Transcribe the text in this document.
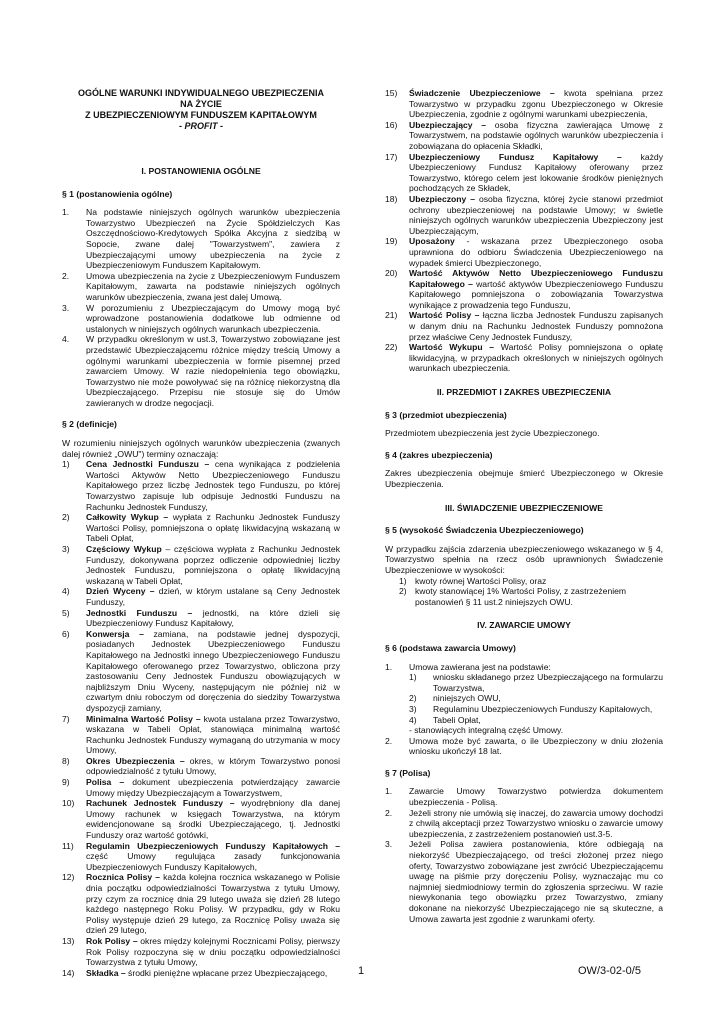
OGÓLNE WARUNKI INDYWIDUALNEGO UBEZPIECZENIA

NA ŻYCIE

Z UBEZPIECZENIOWYM FUNDUSZEM KAPITAŁOWYM

- PROFIT -

I. POSTANOWIENIA OGÓLNE
§ 1 (postanowienia ogólne)
1.	Na podstawie niniejszych ogólnych warunków ubezpieczenia Towarzystwo Ubezpieczeń na Życie Spółdzielczych Kas Oszczędnościowo-Kredytowych Spółka Akcyjna z siedzibą w Sopocie, zwane dalej "Towarzystwem", zawiera z Ubezpieczającymi umowy ubezpieczenia na życie z Ubezpieczeniowym Funduszem Kapitałowym.
2.	Umowa ubezpieczenia na życie z Ubezpieczeniowym Funduszem Kapitałowym, zawarta na podstawie niniejszych ogólnych warunków ubezpieczenia, zwana jest dalej Umową.
3.	W porozumieniu z Ubezpieczającym do Umowy mogą być wprowadzone postanowienia dodatkowe lub odmienne od ustalonych w niniejszych ogólnych warunkach ubezpieczenia.
4.	W przypadku określonym w ust.3, Towarzystwo zobowiązane jest przedstawić Ubezpieczającemu różnice między treścią Umowy a ogólnymi warunkami ubezpieczenia w formie pisemnej przed zawarciem Umowy. W razie niedopełnienia tego obowiązku, Towarzystwo nie może powoływać się na różnicę niekorzystną dla Ubezpieczającego. Przepisu nie stosuje się do Umów zawieranych w drodze negocjacji.
§ 2 (definicje)

W rozumieniu niniejszych ogólnych warunków ubezpieczenia (zwanych dalej również „OWU") terminy oznaczają:

1)	Cena Jednostki Funduszu – cena wynikająca z podzielenia Wartości Aktywów Netto Ubezpieczeniowego Funduszu Kapitałowego przez liczbę Jednostek tego Funduszu, po której Towarzystwo zapisuje lub odpisuje Jednostki Funduszu na Rachunku Jednostek Funduszy,
2)	Całkowity Wykup – wypłata z Rachunku Jednostek Funduszy Wartości Polisy, pomniejszona o opłatę likwidacyjną wskazaną w Tabeli Opłat,
3)	Częściowy Wykup – częściowa wypłata z Rachunku Jednostek Funduszy, dokonywana poprzez odliczenie odpowiedniej liczby Jednostek Funduszu, pomniejszona o opłatę likwidacyjną wskazaną w Tabeli Opłat,
4)	Dzień Wyceny – dzień, w którym ustalane są Ceny Jednostek Funduszy,
5)	Jednostki Funduszu – jednostki, na które dzieli się Ubezpieczeniowy Fundusz Kapitałowy,
6)	Konwersja – zamiana, na podstawie jednej dyspozycji, posiadanych Jednostek Ubezpieczeniowego Funduszu Kapitałowego na Jednostki innego Ubezpieczeniowego Funduszu Kapitałowego oferowanego przez Towarzystwo, obliczona przy zastosowaniu Ceny Jednostek Funduszu obowiązujących w najbliższym Dniu Wyceny, następującym nie później niż w czwartym dniu roboczym od doręczenia do siedziby Towarzystwa dyspozycji zamiany,
7)	Minimalna Wartość Polisy – kwota ustalana przez Towarzystwo, wskazana w Tabeli Opłat, stanowiąca minimalną wartość Rachunku Jednostek Funduszy wymaganą do utrzymania w mocy Umowy,
8)	Okres Ubezpieczenia – okres, w którym Towarzystwo ponosi odpowiedzialność z tytułu Umowy,
9)	Polisa – dokument ubezpieczenia potwierdzający zawarcie Umowy między Ubezpieczającym a Towarzystwem,
10)	Rachunek Jednostek Funduszy – wyodrębniony dla danej Umowy rachunek w księgach Towarzystwa, na którym ewidencjonowane są środki Ubezpieczającego, tj. Jednostki Funduszy oraz wartość gotówki,
11)	Regulamin Ubezpieczeniowych Funduszy Kapitałowych – część Umowy regulująca zasady funkcjonowania Ubezpieczeniowych Funduszy Kapitałowych,
12)	Rocznica Polisy – każda kolejna rocznica wskazanego w Polisie dnia początku odpowiedzialności Towarzystwa z tytułu Umowy, przy czym za rocznicę dnia 29 lutego uważa się dzień 28 lutego każdego następnego Roku Polisy. W przypadku, gdy w Roku Polisy występuje dzień 29 lutego, za Rocznicę Polisy uważa się dzień 29 lutego,
13)	Rok Polisy – okres między kolejnymi Rocznicami Polisy, pierwszy Rok Polisy rozpoczyna się w dniu początku odpowiedzialności Towarzystwa z tytułu Umowy,
14)	Składka – środki pieniężne wpłacane przez Ubezpieczającego,
15)	Świadczenie Ubezpieczeniowe – kwota spełniana przez Towarzystwo w przypadku zgonu Ubezpieczonego w Okresie Ubezpieczenia, zgodnie z ogólnymi warunkami ubezpieczenia,
16)	Ubezpieczający – osoba fizyczna zawierająca Umowę z Towarzystwem, na podstawie ogólnych warunków ubezpieczenia i zobowiązana do opłacenia Składki,
17)	Ubezpieczeniowy Fundusz Kapitałowy – każdy Ubezpieczeniowy Fundusz Kapitałowy oferowany przez Towarzystwo, którego celem jest lokowanie środków pieniężnych pochodzących ze Składek,
18)	Ubezpieczony – osoba fizyczna, której życie stanowi przedmiot ochrony ubezpieczeniowej na podstawie Umowy; w świetle niniejszych ogólnych warunków ubezpieczenia Ubezpieczony jest Ubezpieczającym,
19)	Uposażony - wskazana przez Ubezpieczonego osoba uprawniona do odbioru Świadczenia Ubezpieczeniowego na wypadek śmierci Ubezpieczonego,
20)	Wartość Aktywów Netto Ubezpieczeniowego Funduszu Kapitałowego – wartość aktywów Ubezpieczeniowego Funduszu Kapitałowego pomniejszona o zobowiązania Towarzystwa wynikające z prowadzenia tego Funduszu,
21)	Wartość Polisy – łączna liczba Jednostek Funduszu zapisanych w danym dniu na Rachunku Jednostek Funduszy pomnożona przez właściwe Ceny Jednostek Funduszy,
22)	Wartość Wykupu – Wartość Polisy pomniejszona o opłatę likwidacyjną, w przypadkach określonych w niniejszych ogólnych warunkach ubezpieczenia.
II. PRZEDMIOT I ZAKRES UBEZPIECZENIA
§ 3 (przedmiot ubezpieczenia)

Przedmiotem ubezpieczenia jest życie Ubezpieczonego.

§ 4 (zakres ubezpieczenia)

Zakres ubezpieczenia obejmuje śmierć Ubezpieczonego w Okresie Ubezpieczenia.

III. ŚWIADCZENIE UBEZPIECZENIOWE
§ 5 (wysokość Świadczenia Ubezpieczeniowego)

W przypadku zajścia zdarzenia ubezpieczeniowego wskazanego w § 4, Towarzystwo spełnia na rzecz osób uprawnionych Świadczenie Ubezpieczeniowe w wysokości:

1) kwoty równej Wartości Polisy, oraz
2) kwoty stanowiącej 1% Wartości Polisy, z zastrzeżeniem postanowień § 11 ust.2 niniejszych OWU.
IV. ZAWARCIE UMOWY
§ 6 (podstawa zawarcia Umowy)
1.	Umowa zawierana jest na podstawie:
1)	wniosku składanego przez Ubezpieczającego na formularzu Towarzystwa,
2)	niniejszych OWU,
3)	Regulaminu Ubezpieczeniowych Funduszy Kapitałowych,
4)	Tabeli Opłat,
- stanowiących integralną część Umowy.
2.	Umowa może być zawarta, o ile Ubezpieczony w dniu złożenia wniosku ukończył 18 lat.
§ 7 (Polisa)
1.	Zawarcie Umowy Towarzystwo potwierdza dokumentem ubezpieczenia - Polisą.
2.	Jeżeli strony nie umówią się inaczej, do zawarcia umowy dochodzi z chwilą akceptacji przez Towarzystwo wniosku o zawarcie umowy ubezpieczenia, z zastrzeżeniem postanowień ust.3-5.
3.	Jeżeli Polisa zawiera postanowienia, które odbiegają na niekorzyść Ubezpieczającego, od treści złożonej przez niego oferty, Towarzystwo zobowiązane jest zwrócić Ubezpieczającemu uwagę na piśmie przy doręczeniu Polisy, wyznaczając mu co najmniej siedmiodniowy termin do zgłoszenia sprzeciwu. W razie niewykonania tego obowiązku przez Towarzystwo, zmiany dokonane na niekorzyść Ubezpieczającego nie są skuteczne, a Umowa zawarta jest zgodnie z warunkami oferty.
1	OW/3-02-0/5
